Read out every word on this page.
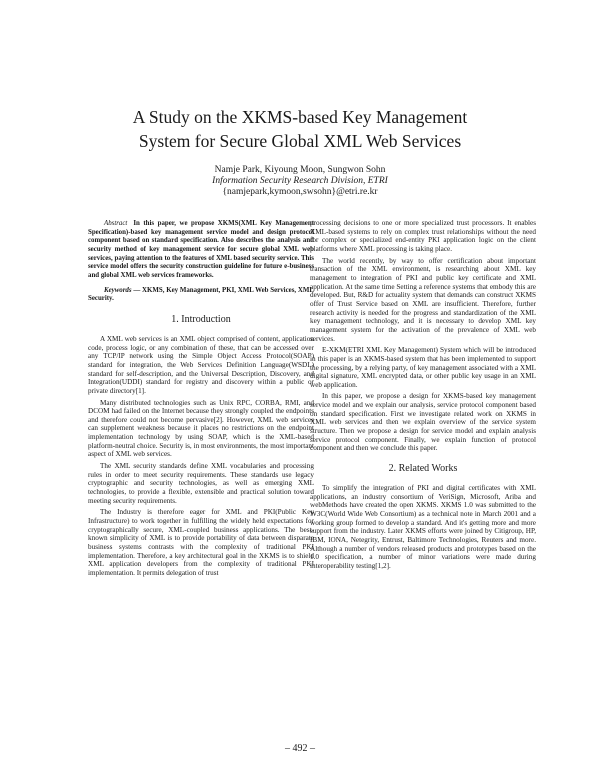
A Study on the XKMS-based Key Management
System for Secure Global XML Web Services
Namje Park, Kiyoung Moon, Sungwon Sohn
Information Security Research Division, ETRI
{namjepark,kymoon,swsohn}@etri.re.kr

Abstract In this paper, we propose XKMS(XML Key Management Specification)-based key management service model and design protocol component based on standard specification. Also describes the analysis and security method of key management service for secure global XML web services, paying attention to the features of XML based security service. This service model offers the security construction guideline for future e-business and global XML web services frameworks.

Keywords — XKMS, Key Management, PKI, XML Web Services, XML Security.

1. Introduction

A XML web services is an XML object comprised of content, application code, process logic, or any combination of these, that can be accessed over any TCP/IP network using the Simple Object Access Protocol(SOAP) standard for integration, the Web Services Definition Language(WSDL) standard for self-description, and the Universal Description, Discovery, and Integration(UDDI) standard for registry and discovery within a public or private directory[1].

Many distributed technologies such as Unix RPC, CORBA, RMI, and DCOM had failed on the Internet because they strongly coupled the endpoints and therefore could not become pervasive[2]. However, XML web services can supplement weakness because it places no restrictions on the endpoint implementation technology by using SOAP, which is the XML-based platform-neutral choice. Security is, in most environments, the most important aspect of XML web services.

The XML security standards define XML vocabularies and processing rules in order to meet security requirements. These standards use legacy cryptographic and security technologies, as well as emerging XML technologies, to provide a flexible, extensible and practical solution toward meeting security requirements.

The Industry is therefore eager for XML and PKI(Public Key Infrastructure) to work together in fulfilling the widely held expectations for cryptographically secure, XML-coupled business applications. The best-known simplicity of XML is to provide portability of data between disparate business systems contrasts with the complexity of traditional PKI implementation. Therefore, a key architectural goal in the XKMS is to shield XML application developers from the complexity of traditional PKI implementation. It permits delegation of trust

processing decisions to one or more specialized trust processors. It enables XML-based systems to rely on complex trust relationships without the need for complex or specialized end-entity PKI application logic on the client platforms where XML processing is taking place.

The world recently, by way to offer certification about important transaction of the XML environment, is researching about XML key management to integration of PKI and public key certificate and XML application. At the same time Setting a reference systems that embody this are developed. But, R&D for actuality system that demands can construct XKMS offer of Trust Service based on XML are insufficient. Therefore, further research activity is needed for the progress and standardization of the XML key management technology, and it is necessary to develop XML key management system for the activation of the prevalence of XML web services.

E-XKM(ETRI XML Key Management) System which will be introduced in this paper is an XKMS-based system that has been implemented to support the processing, by a relying party, of key management associated with a XML digital signature, XML encrypted data, or other public key usage in an XML web application.

In this paper, we propose a design for XKMS-based key management service model and we explain our analysis, service protocol component based on standard specification. First we investigate related work on XKMS in XML web services and then we explain overview of the service system structure. Then we propose a design for service model and explain analysis service protocol component. Finally, we explain function of protocol component and then we conclude this paper.

2. Related Works

To simplify the integration of PKI and digital certificates with XML applications, an industry consortium of VeriSign, Microsoft, Ariba and webMethods have created the open XKMS. XKMS 1.0 was submitted to the W3C(World Wide Web Consortium) as a technical note in March 2001 and a working group formed to develop a standard. And it's getting more and more support from the industry. Later XKMS efforts were joined by Citigroup, HP, IBM, IONA, Netegrity, Entrust, Baltimore Technologies, Reuters and more. Although a number of vendors released products and prototypes based on the 1.0 specification, a number of minor variations were made during interoperability testing[1,2].

– 492 –
